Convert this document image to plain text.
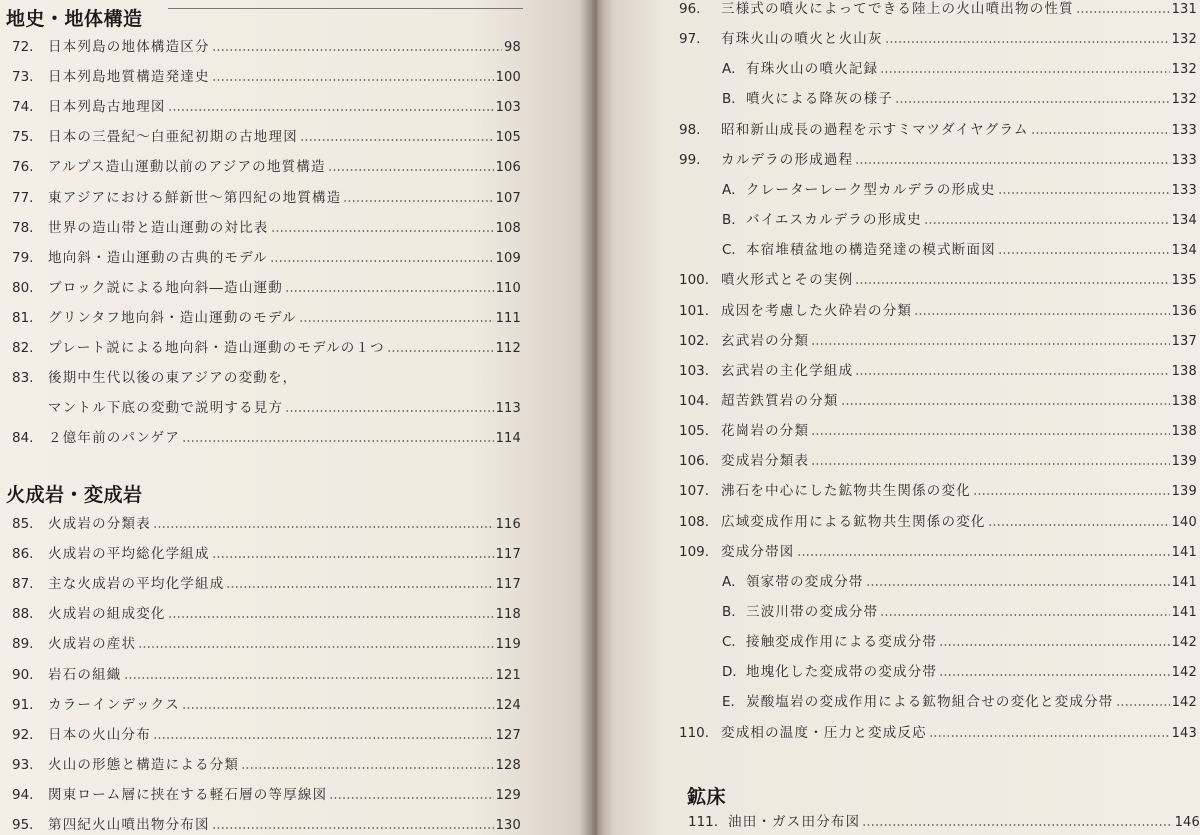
地史・地体構造
72.	日本列島の地体構造区分	98
73.	日本列島地質構造発達史	100
74.	日本列島古地理図	103
75.	日本の三畳紀～白亜紀初期の古地理図	105
76.	アルプス造山運動以前のアジアの地質構造	106
77.	東アジアにおける鮮新世～第四紀の地質構造	107
78.	世界の造山帯と造山運動の対比表	108
79.	地向斜・造山運動の古典的モデル	109
80.	ブロック説による地向斜―造山運動	110
81.	グリンタフ地向斜・造山運動のモデル	111
82.	プレート説による地向斜・造山運動のモデルの１つ	112
83.	後期中生代以後の東アジアの変動を，
マントル下底の変動で説明する見方	113
84.	２億年前のパンゲア	114
火成岩・変成岩
85.	火成岩の分類表	116
86.	火成岩の平均総化学組成	117
87.	主な火成岩の平均化学組成	117
88.	火成岩の組成変化	118
89.	火成岩の産状	119
90.	岩石の組織	121
91.	カラーインデックス	124
92.	日本の火山分布	127
93.	火山の形態と構造による分類	128
94.	関東ローム層に挟在する軽石層の等厚線図	129
95.	第四紀火山噴出物分布図	130
96.	三様式の噴火によってできる陸上の火山噴出物の性質	131
97.	有珠火山の噴火と火山灰	132
A． 有珠火山の噴火記録	132
B． 噴火による降灰の様子	132
98.	昭和新山成長の過程を示すミマツダイヤグラム	133
99.	カルデラの形成過程	133
A． クレーターレーク型カルデラの形成史	133
B． バイエスカルデラの形成史	134
C． 本宿堆積盆地の構造発達の模式断面図	134
100. 噴火形式とその実例	135
101. 成因を考慮した火砕岩の分類	136
102. 玄武岩の分類	137
103. 玄武岩の主化学組成	138
104. 超苦鉄質岩の分類	138
105. 花崗岩の分類	138
106. 変成岩分類表	139
107. 沸石を中心にした鉱物共生関係の変化	139
108. 広域変成作用による鉱物共生関係の変化	140
109. 変成分帯図	141
A． 領家帯の変成分帯	141
B． 三波川帯の変成分帯	141
C． 接触変成作用による変成分帯	142
D． 地塊化した変成帯の変成分帯	142
E． 炭酸塩岩の変成作用による鉱物組合せの変化と変成分帯	142
110. 変成相の温度・圧力と変成反応	143
鉱床
111. 油田・ガス田分布図	146
